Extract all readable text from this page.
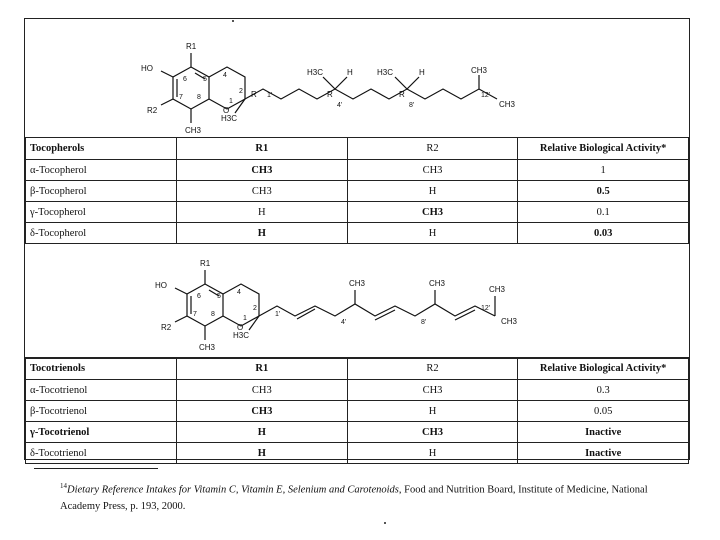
R1
HO
R2
CH3
H3C
R	R	R
H3C	H	H3C	H	CH3
CH3
4'	8'
12'
1'
1
2
4
5
6
7 8
O
Tocopherols	R1	R2	Relative Biological Activity*
α-Tocopherol	CH3	CH3	1
β-Tocopherol	CH3	H	0.5
γ-Tocopherol	H	CH3	0.1
δ-Tocopherol	H	H	0.03
R1
HO
R2
CH3
H3C
CH3	CH3
CH3
CH3
1'
4'	8'
12'
1
2
4
5
6
7 8
O
Tocotrienols	R1	R2	Relative Biological Activity*
α-Tocotrienol	CH3	CH3	0.3
β-Tocotrienol	CH3	H	0.05
γ-Tocotrienol	H	CH3	Inactive
δ-Tocotrienol	H	H	Inactive
$^{14}$Dietary Reference Intakes for Vitamin C, Vitamin E, Selenium and Carotenoids, Food and Nutrition Board, Institute of Medicine, National Academy Press, p. 193, 2000.
